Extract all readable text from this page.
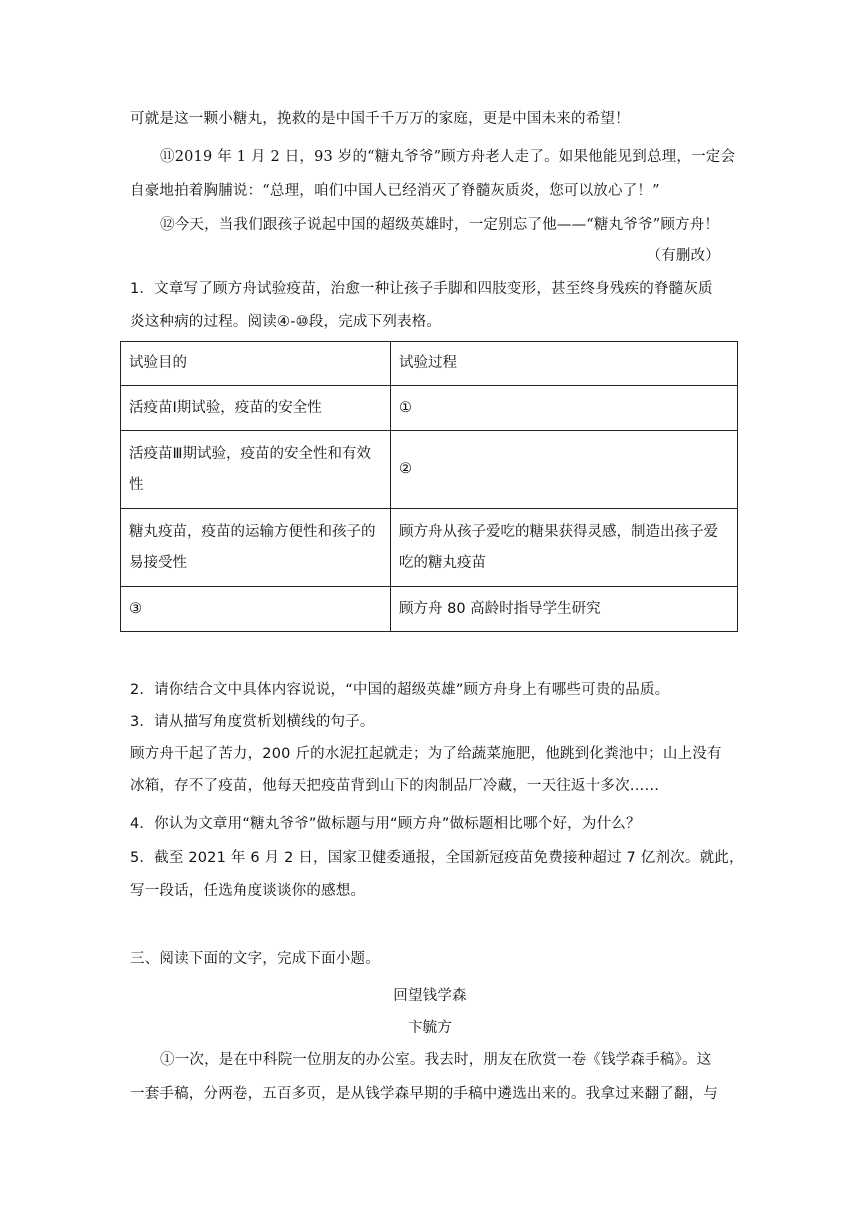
可就是这一颗小糖丸，挽救的是中国千千万万的家庭，更是中国未来的希望！
⑪2019 年 1 月 2 日，93 岁的“糖丸爷爷”顾方舟老人走了。如果他能见到总理，一定会
自豪地拍着胸脯说：“总理，咱们中国人已经消灭了脊髓灰质炎，您可以放心了！”
⑫今天，当我们跟孩子说起中国的超级英雄时，一定别忘了他——“糖丸爷爷”顾方舟！
（有删改）
1．文章写了顾方舟试验疫苗，治愈一种让孩子手脚和四肢变形，甚至终身残疾的脊髓灰质
炎这种病的过程。阅读④-⑩段，完成下列表格。
试验目的	试验过程
活疫苗Ⅰ期试验，疫苗的安全性	①
活疫苗Ⅲ期试验，疫苗的安全性和有效性	②
糖丸疫苗，疫苗的运输方便性和孩子的易接受性	顾方舟从孩子爱吃的糖果获得灵感，制造出孩子爱吃的糖丸疫苗
③	顾方舟 80 高龄时指导学生研究
2．请你结合文中具体内容说说，“中国的超级英雄”顾方舟身上有哪些可贵的品质。
3．请从描写角度赏析划横线的句子。
顾方舟干起了苦力，200 斤的水泥扛起就走；为了给蔬菜施肥，他跳到化粪池中；山上没有
冰箱，存不了疫苗，他每天把疫苗背到山下的肉制品厂冷藏，一天往返十多次……
4．你认为文章用“糖丸爷爷”做标题与用“顾方舟”做标题相比哪个好，为什么？
5．截至 2021 年 6 月 2 日，国家卫健委通报，全国新冠疫苗免费接种超过 7 亿剂次。就此，
写一段话，任选角度谈谈你的感想。
三、阅读下面的文字，完成下面小题。
回望钱学森
卞毓方
①一次，是在中科院一位朋友的办公室。我去时，朋友在欣赏一卷《钱学森手稿》。这
一套手稿，分两卷，五百多页，是从钱学森早期的手稿中遴选出来的。我拿过来翻了翻，与
